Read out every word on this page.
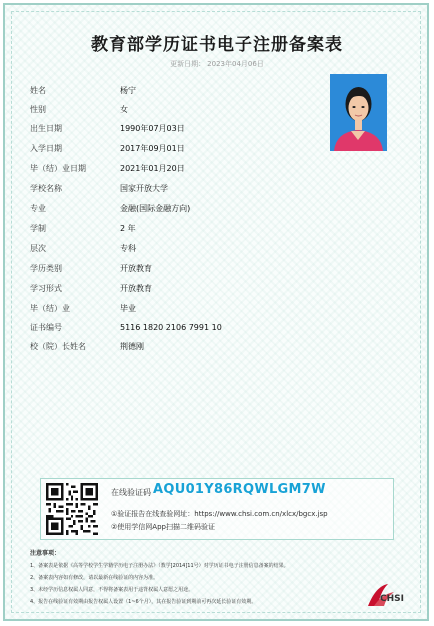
教育部学历证书电子注册备案表
更新日期： 2023年04月06日
姓名	杨宁
性别	女
出生日期	1990年07月03日
入学日期	2017年09月01日
毕（结）业日期	2021年01月20日
学校名称	国家开放大学
专业	金融(国际金融方向)
学制	2 年
层次	专科
学历类别	开放教育
学习形式	开放教育
毕（结）业	毕业
证书编号	5116 1820 2106 7991 10
校（院）长姓名	荆德刚
在线验证码 AQU01Y86RQWLGM7W
①验证报告在线查验网址：https://www.chsi.com.cn/xlcx/bgcx.jsp
②使用学信网App扫描二维码验证
注意事项：
1、备案表是依据《高等学校学生学籍学历电子注册办法》（教学[2014]11号）对学历证书电子注册信息备案的结果。
2、备案表内容如有修改，请以最新在线验证的内容为准。
3、未经学历信息权属人同意，不得将备案表用于违背权属人意愿之用途。
4、报告在线验证有效期由报告权属人设置（1~6个月），其在报告验证到期前可再次延长验证有效期。	CHSI
